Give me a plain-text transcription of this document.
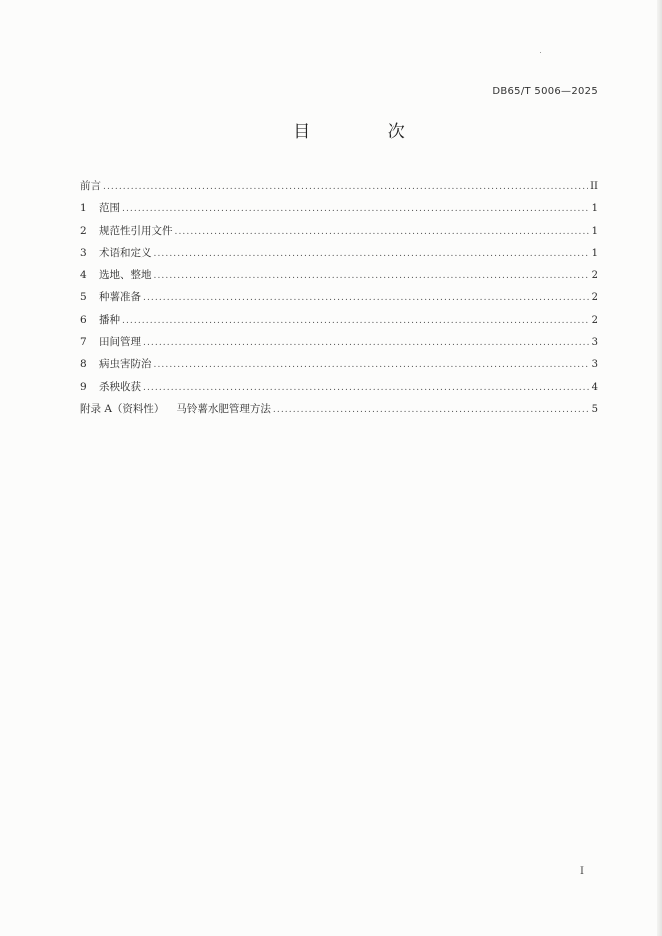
DB65/T 5006—2025
目 次
前言 .....	II
1 范围 .....	1
2 规范性引用文件 .....	1
3 术语和定义 .....	1
4 选地、整地 .....	2
5 种薯准备 .....	2
6 播种 .....	2
7 田间管理 .....	3
8 病虫害防治 .....	3
9 杀秧收获 .....	4
附录 A（资料性） 马铃薯水肥管理方法 .....	5
I
